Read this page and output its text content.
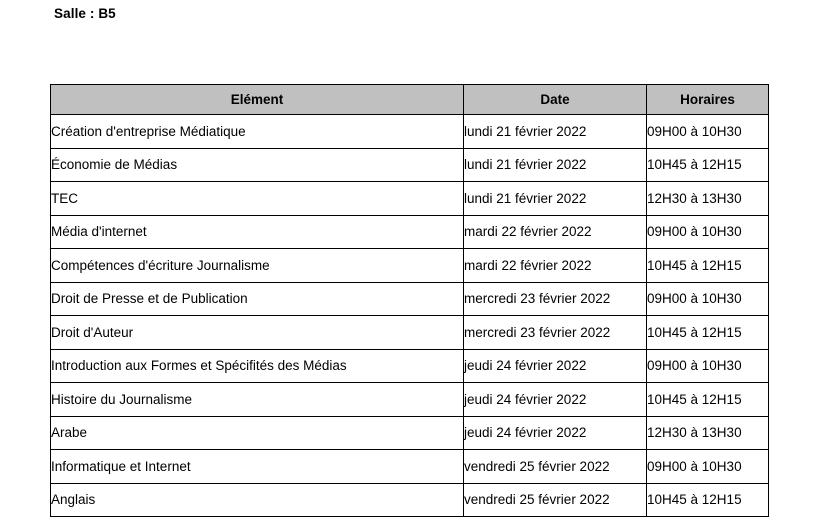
Salle : B5
Elément	Date	Horaires
Création d'entreprise Médiatique	lundi 21 février 2022	09H00 à 10H30
Économie de Médias	lundi 21 février 2022	10H45 à 12H15
TEC	lundi 21 février 2022	12H30 à 13H30
Média d'internet	mardi 22 février 2022	09H00 à 10H30
Compétences d'écriture Journalisme	mardi 22 février 2022	10H45 à 12H15
Droit de Presse et de Publication	mercredi 23 février 2022	09H00 à 10H30
Droit d'Auteur	mercredi 23 février 2022	10H45 à 12H15
Introduction aux Formes et Spécifités des Médias	jeudi 24 février 2022	09H00 à 10H30
Histoire du Journalisme	jeudi 24 février 2022	10H45 à 12H15
Arabe	jeudi 24 février 2022	12H30 à 13H30
Informatique et Internet	vendredi 25 février 2022	09H00 à 10H30
Anglais	vendredi 25 février 2022	10H45 à 12H15
